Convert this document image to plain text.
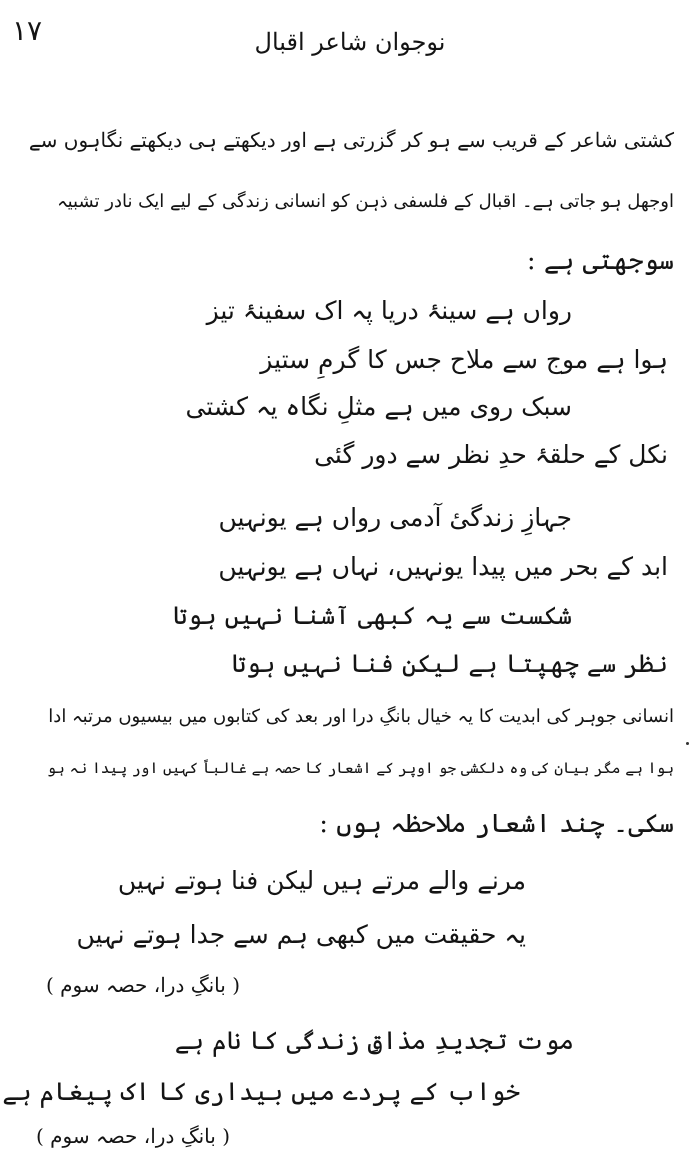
۱۷	نوجوان شاعر اقبال
کشتی شاعر کے قریب سے ہو کر گزرتی ہے اور دیکھتے ہی دیکھتے نگاہوں سے
اوجھل ہو جاتی ہے۔ اقبال کے فلسفی ذہن کو انسانی زندگی کے لیے ایک نادر تشبیہ
سوجھتی ہے :
رواں ہے سینۂ دریا پہ اک سفینۂ تیز
ہوا ہے موج سے ملاح جس کا گرمِ ستیز
سبک روی میں ہے مثلِ نگاہ یہ کشتی
نکل کے حلقۂ حدِ نظر سے دور گئی
جہازِ زندگیٔ آدمی رواں ہے یونہیں
ابد کے بحر میں پیدا یونہیں، نہاں ہے یونہیں
شکست سے یہ کبھی آشنا نہیں ہوتا
نظر سے چھپتا ہے لیکن فنا نہیں ہوتا
انسانی جوہر کی ابدیت کا یہ خیال بانگِ درا اور بعد کی کتابوں میں بیسیوں مرتبہ ادا
ہوا ہے مگر بیان کی وہ دلکشی جو اوپر کے اشعار کا حصہ ہے غالباً کہیں اور پیدا نہ ہو
سکی۔ چند اشعار ملاحظہ ہوں :
مرنے والے مرتے ہیں لیکن فنا ہوتے نہیں
یہ حقیقت میں کبھی ہم سے جدا ہوتے نہیں
( بانگِ درا، حصہ سوم )
موت تجدیدِ مذاقِ زندگی کا نام ہے
خواب کے پردے میں بیداری کا اک پیغام ہے
( بانگِ درا، حصہ سوم )
